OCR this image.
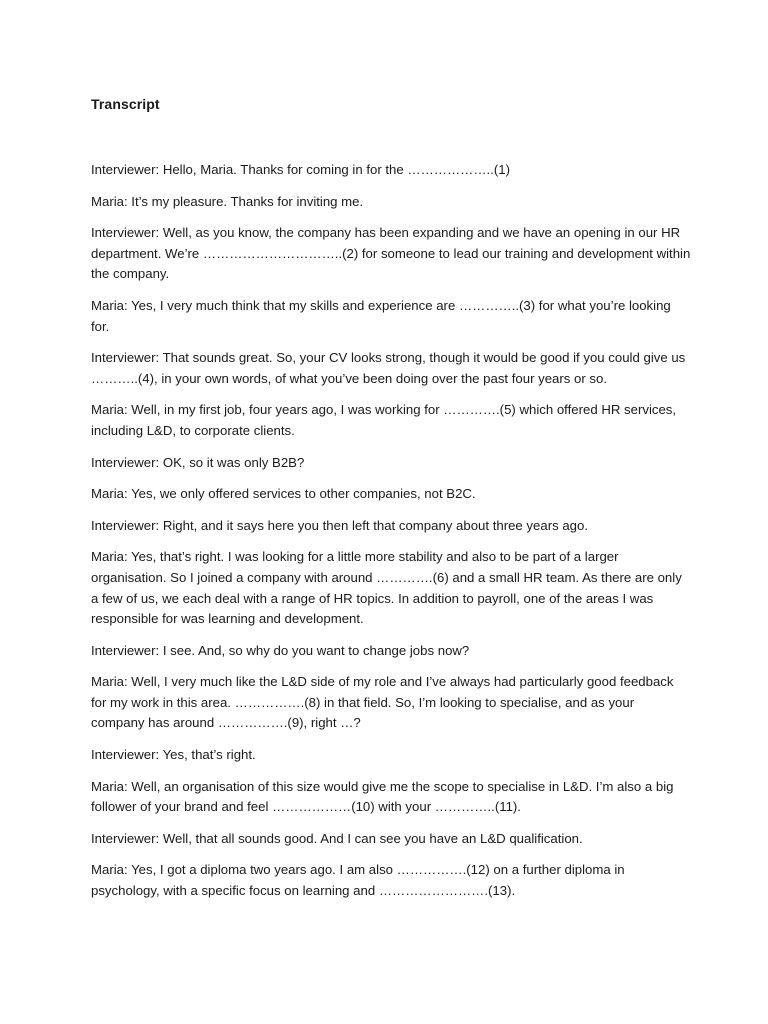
Transcript

Interviewer: Hello, Maria. Thanks for coming in for the ………………..(1)

Maria: It’s my pleasure. Thanks for inviting me.

Interviewer: Well, as you know, the company has been expanding and we have an opening in our HR department. We’re …………………………..(2) for someone to lead our training and development within the company.

Maria: Yes, I very much think that my skills and experience are …………..(3) for what you’re looking for.

Interviewer: That sounds great. So, your CV looks strong, though it would be good if you could give us ………..(4), in your own words, of what you’ve been doing over the past four years or so.

Maria: Well, in my first job, four years ago, I was working for ………….(5) which offered HR services, including L&D, to corporate clients.

Interviewer: OK, so it was only B2B?

Maria: Yes, we only offered services to other companies, not B2C.

Interviewer: Right, and it says here you then left that company about three years ago.

Maria: Yes, that’s right. I was looking for a little more stability and also to be part of a larger organisation. So I joined a company with around ………….(6) and a small HR team. As there are only a few of us, we each deal with a range of HR topics. In addition to payroll, one of the areas I was responsible for was learning and development.

Interviewer: I see. And, so why do you want to change jobs now?

Maria: Well, I very much like the L&D side of my role and I’ve always had particularly good feedback for my work in this area. …………….(8) in that field. So, I’m looking to specialise, and as your company has around …………….(9), right …?

Interviewer: Yes, that’s right.

Maria: Well, an organisation of this size would give me the scope to specialise in L&D. I’m also a big follower of your brand and feel ………………(10) with your …………..(11).

Interviewer: Well, that all sounds good. And I can see you have an L&D qualification.

Maria: Yes, I got a diploma two years ago. I am also …………….(12) on a further diploma in psychology, with a specific focus on learning and …………………….(13).
